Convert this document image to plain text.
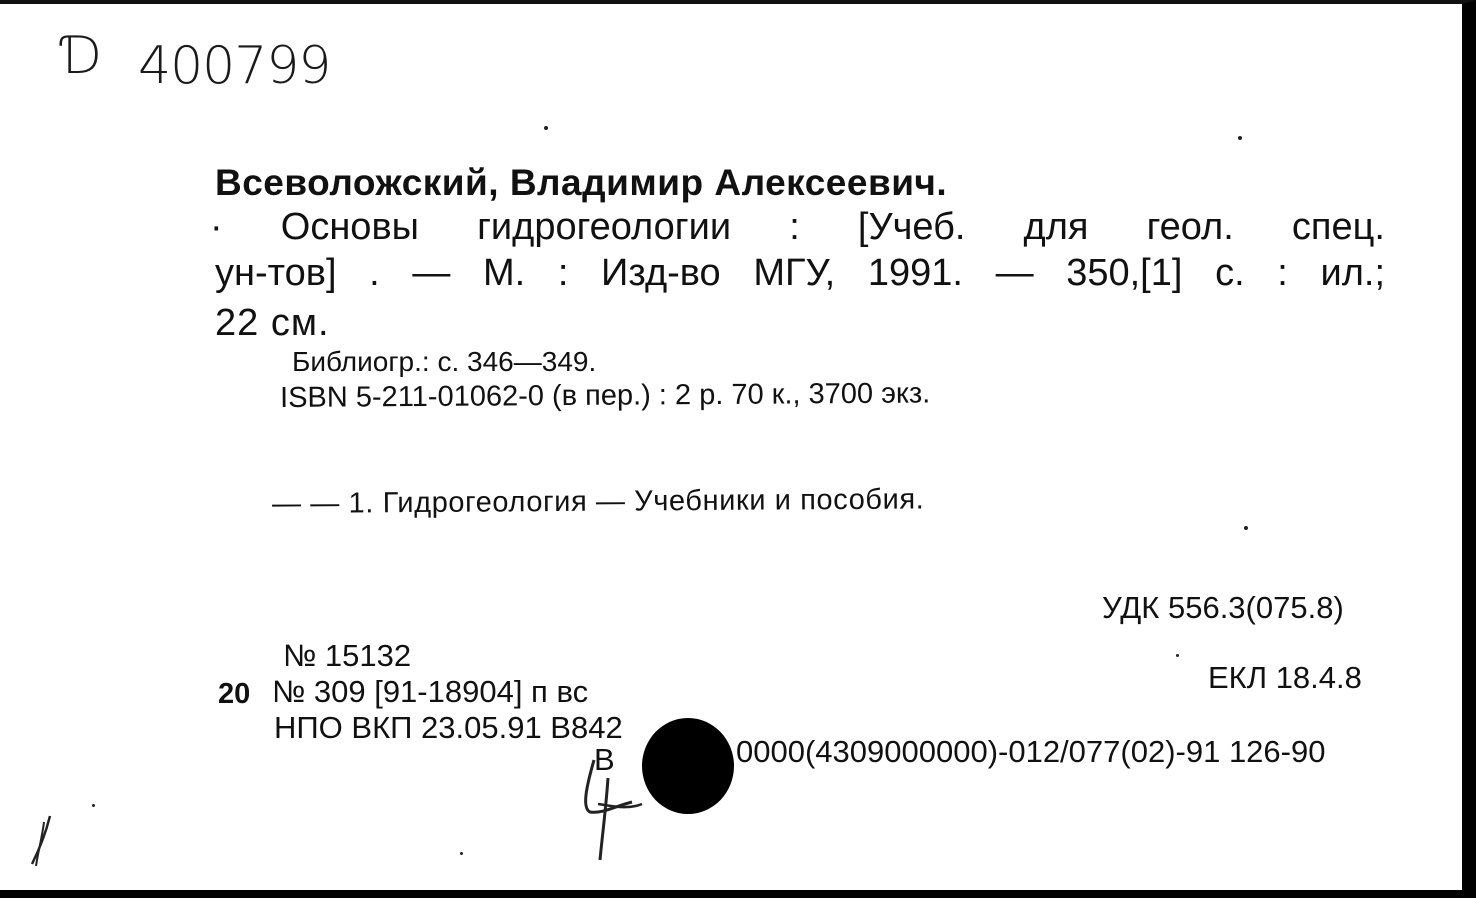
Ɗ 400799
Всеволожский, Владимир Алексеевич.
· Основы гидрогеологии : [Учеб. для геол. спец.
ун-тов] . — М. : Изд-во МГУ, 1991. — 350,[1] с. : ил.;
22 см.
Библиогр.: с. 346—349.
ISBN 5-211-01062-0 (в пер.) : 2 р. 70 к., 3700 экз.
— — 1. Гидрогеология — Учебники и пособия.
УДК 556.3(075.8)
ЕКЛ 18.4.8
№ 15132
20 № 309 [91-18904] п вс
НПО ВКП 23.05.91 В842
В	0000(4309000000)-012/077(02)-91 126-90
